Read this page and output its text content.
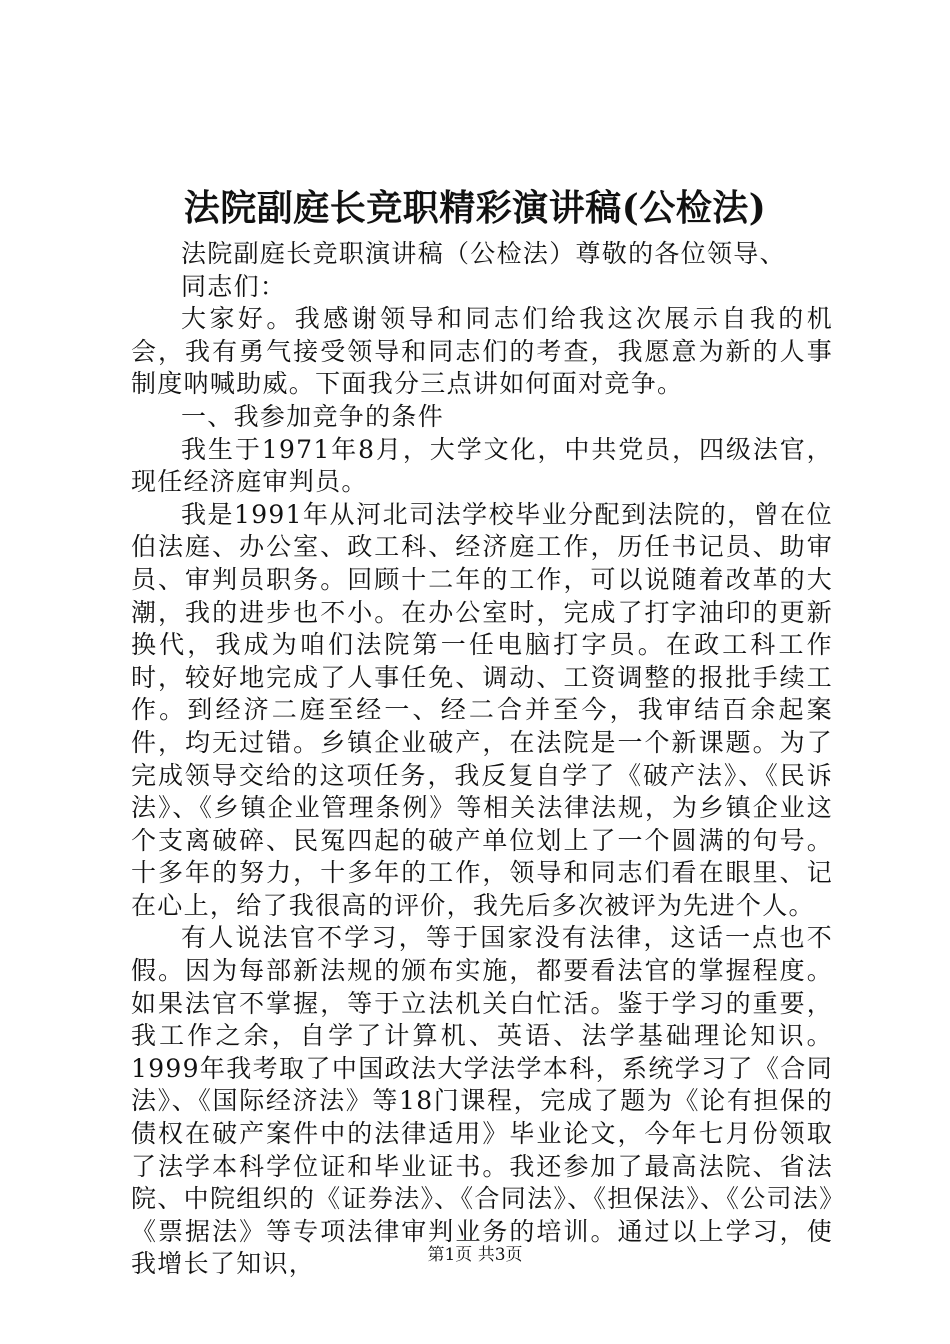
法院副庭长竞职精彩演讲稿(公检法)

法院副庭长竞职演讲稿（公检法）尊敬的各位领导、

同志们：

大家好。我感谢领导和同志们给我这次展示自我的机会，我有勇气接受领导和同志们的考查，我愿意为新的人事制度呐喊助威。下面我分三点讲如何面对竞争。

一、我参加竞争的条件

我生于1971年8月，大学文化，中共党员，四级法官，现任经济庭审判员。

我是1991年从河北司法学校毕业分配到法院的，曾在位伯法庭、办公室、政工科、经济庭工作，历任书记员、助审员、审判员职务。回顾十二年的工作，可以说随着改革的大潮，我的进步也不小。在办公室时，完成了打字油印的更新换代，我成为咱们法院第一任电脑打字员。在政工科工作时，较好地完成了人事任免、调动、工资调整的报批手续工作。到经济二庭至经一、经二合并至今，我审结百余起案件，均无过错。乡镇企业破产，在法院是一个新课题。为了完成领导交给的这项任务，我反复自学了《破产法》、《民诉法》、《乡镇企业管理条例》等相关法律法规，为乡镇企业这个支离破碎、民冤四起的破产单位划上了一个圆满的句号。十多年的努力，十多年的工作，领导和同志们看在眼里、记在心上，给了我很高的评价，我先后多次被评为先进个人。

有人说法官不学习，等于国家没有法律，这话一点也不假。因为每部新法规的颁布实施，都要看法官的掌握程度。如果法官不掌握，等于立法机关白忙活。鉴于学习的重要，我工作之余，自学了计算机、英语、法学基础理论知识。1999年我考取了中国政法大学法学本科，系统学习了《合同法》、《国际经济法》等18门课程，完成了题为《论有担保的债权在破产案件中的法律适用》毕业论文，今年七月份领取了法学本科学位证和毕业证书。我还参加了最高法院、省法院、中院组织的《证券法》、《合同法》、《担保法》、《公司法》《票据法》等专项法律审判业务的培训。通过以上学习，使我增长了知识，	第1页 共3页
